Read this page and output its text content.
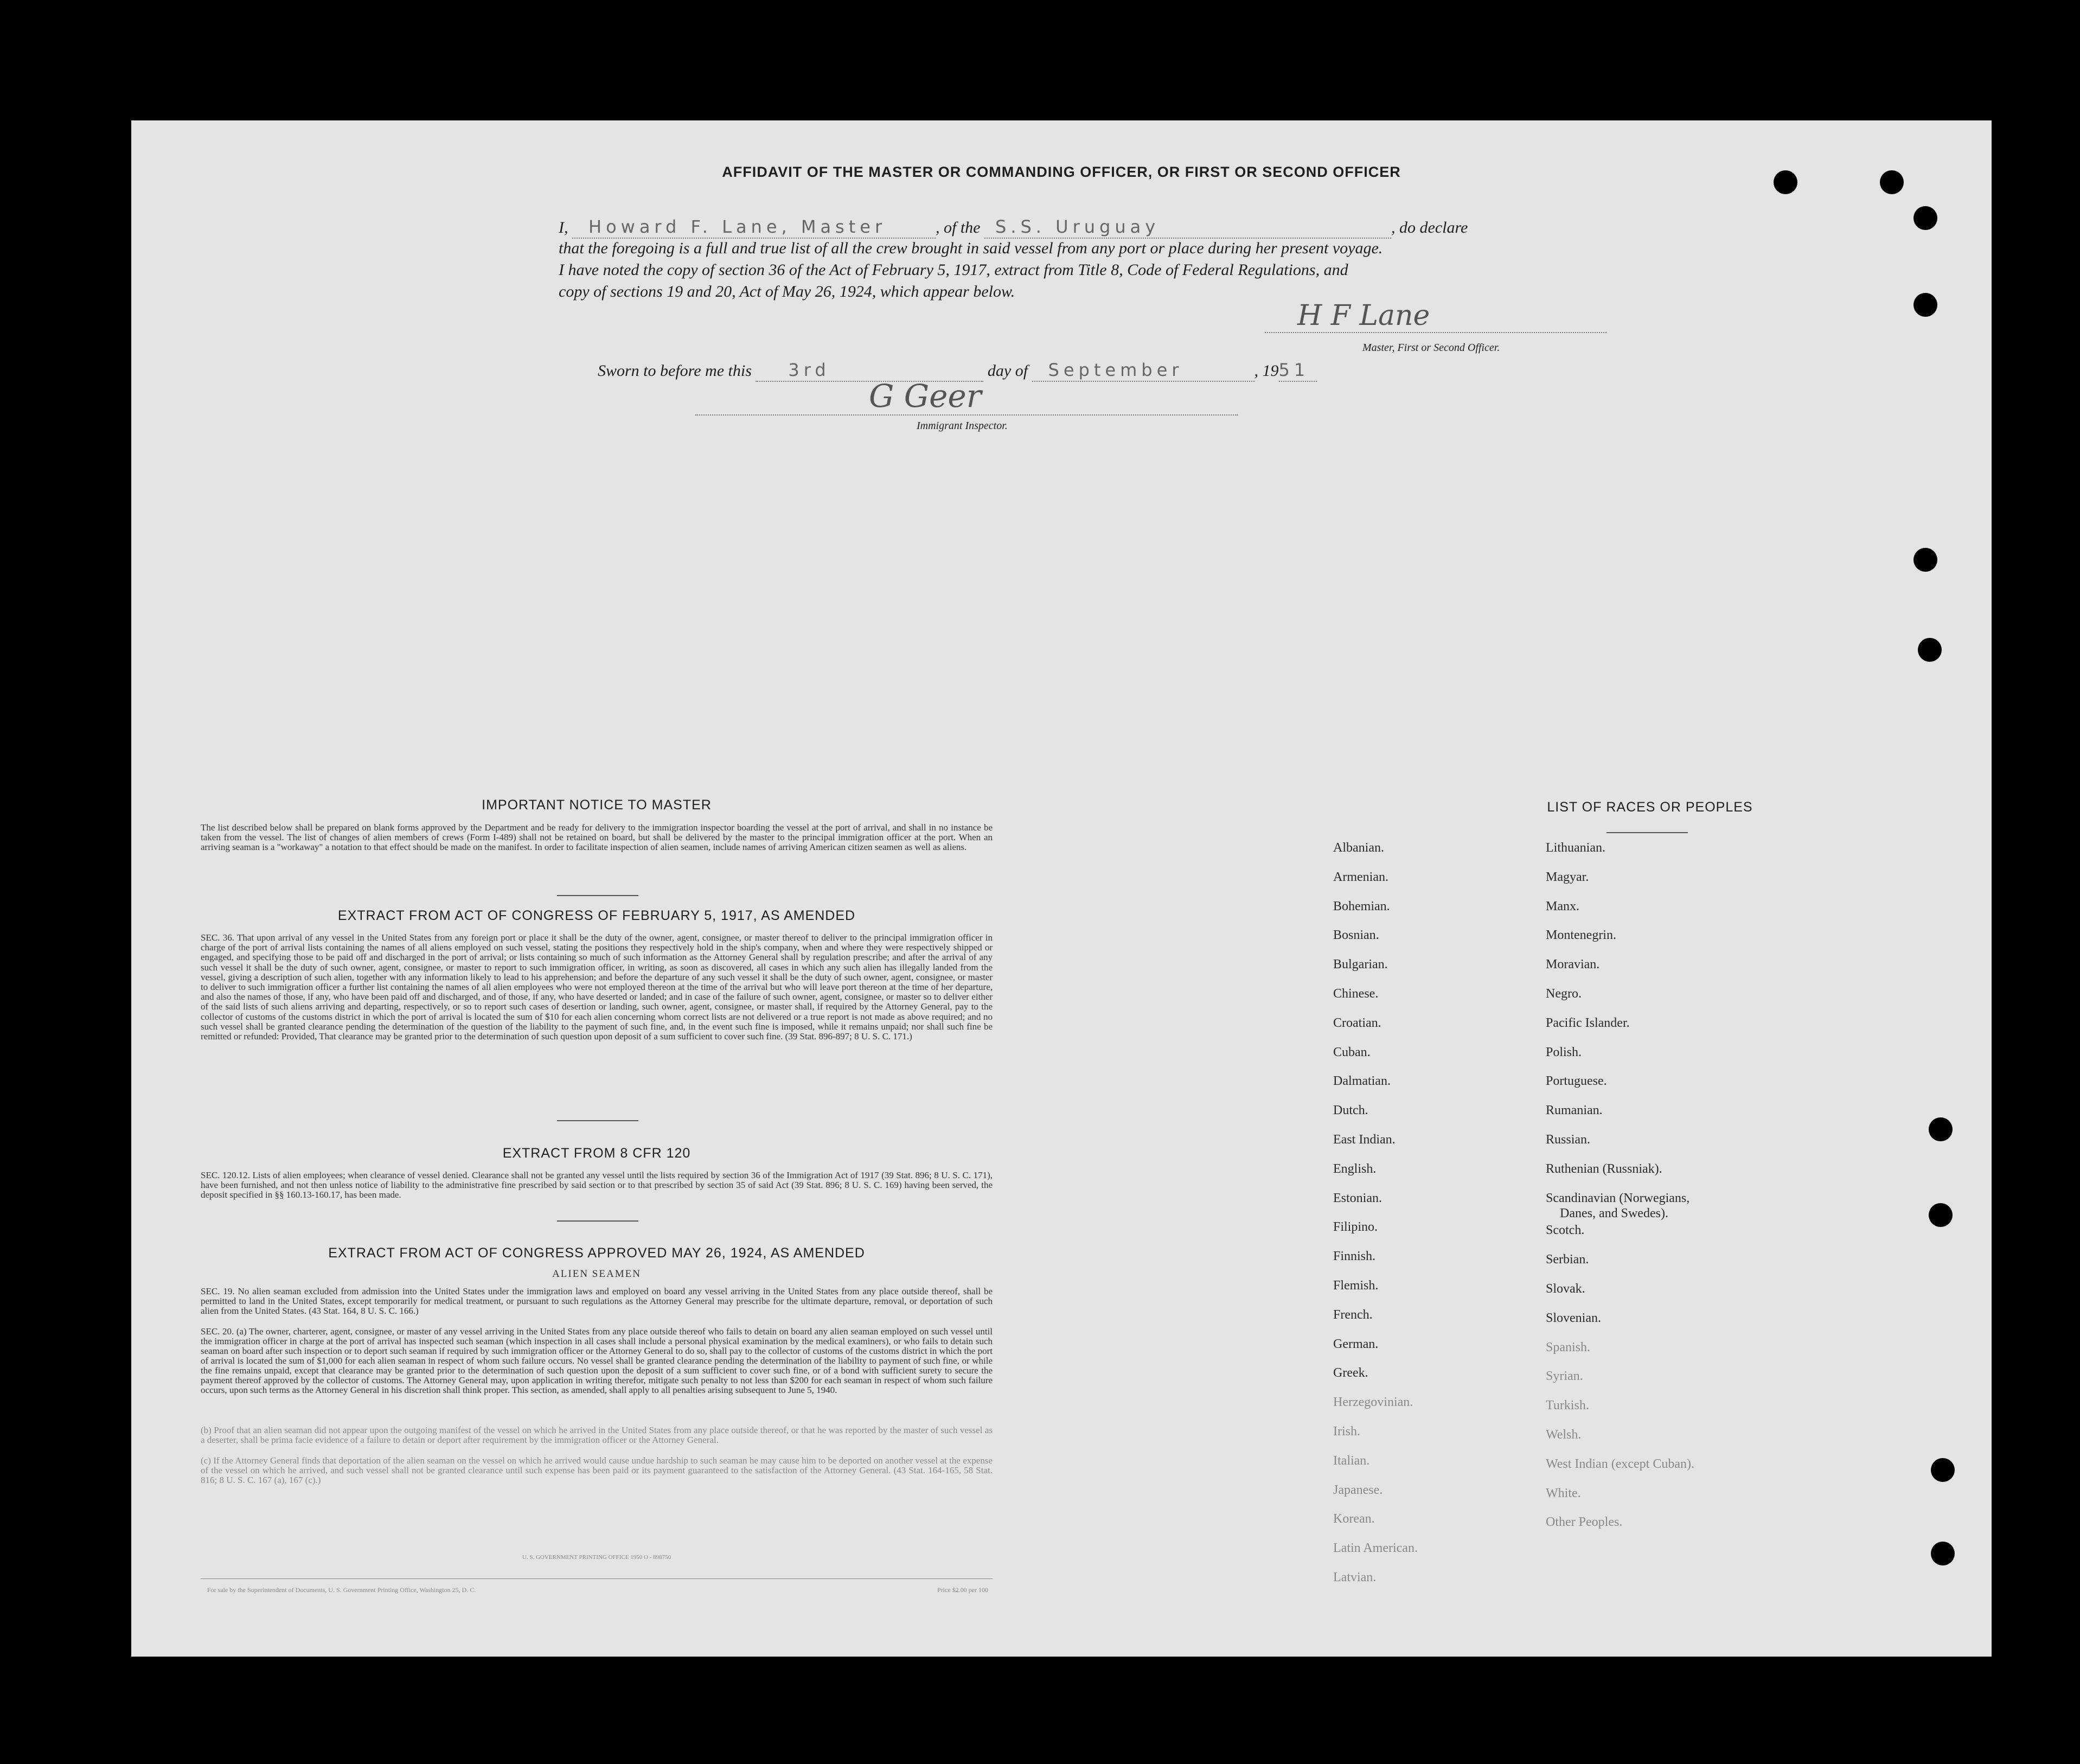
AFFIDAVIT OF THE MASTER OR COMMANDING OFFICER, OR FIRST OR SECOND OFFICER
I, Howard F. Lane, Master	, of the S.S. Uruguay	, do declare
that the foregoing is a full and true list of all the crew brought in said vessel from any port or place during her present voyage.
I have noted the copy of section 36 of the Act of February 5, 1917, extract from Title 8, Code of Federal Regulations, and
copy of sections 19 and 20, Act of May 26, 1924, which appear below.
H F Lane
Master, First or Second Officer.
Sworn to before me this 3rd	day of September	, 1951
G Geer
Immigrant Inspector.
IMPORTANT NOTICE TO MASTER
The list described below shall be prepared on blank forms approved by the Department and be ready for delivery to the immigration inspector boarding the vessel at the port of arrival, and shall in no instance be taken from the vessel. The list of changes of alien members of crews (Form I-489) shall not be retained on board, but shall be delivered by the master to the principal immigration officer at the port. When an arriving seaman is a "workaway" a notation to that effect should be made on the manifest. In order to facilitate inspection of alien seamen, include names of arriving American citizen seamen as well as aliens.
EXTRACT FROM ACT OF CONGRESS OF FEBRUARY 5, 1917, AS AMENDED
SEC. 36. That upon arrival of any vessel in the United States from any foreign port or place it shall be the duty of the owner, agent, consignee, or master thereof to deliver to the principal immigration officer in charge of the port of arrival lists containing the names of all aliens employed on such vessel, stating the positions they respectively hold in the ship's company, when and where they were respectively shipped or engaged, and specifying those to be paid off and discharged in the port of arrival; or lists containing so much of such information as the Attorney General shall by regulation prescribe; and after the arrival of any such vessel it shall be the duty of such owner, agent, consignee, or master to report to such immigration officer, in writing, as soon as discovered, all cases in which any such alien has illegally landed from the vessel, giving a description of such alien, together with any information likely to lead to his apprehension; and before the departure of any such vessel it shall be the duty of such owner, agent, consignee, or master to deliver to such immigration officer a further list containing the names of all alien employees who were not employed thereon at the time of the arrival but who will leave port thereon at the time of her departure, and also the names of those, if any, who have been paid off and discharged, and of those, if any, who have deserted or landed; and in case of the failure of such owner, agent, consignee, or master so to deliver either of the said lists of such aliens arriving and departing, respectively, or so to report such cases of desertion or landing, such owner, agent, consignee, or master shall, if required by the Attorney General, pay to the collector of customs of the customs district in which the port of arrival is located the sum of $10 for each alien concerning whom correct lists are not delivered or a true report is not made as above required; and no such vessel shall be granted clearance pending the determination of the question of the liability to the payment of such fine, and, in the event such fine is imposed, while it remains unpaid; nor shall such fine be remitted or refunded: Provided, That clearance may be granted prior to the determination of such question upon deposit of a sum sufficient to cover such fine. (39 Stat. 896-897; 8 U. S. C. 171.)
EXTRACT FROM 8 CFR 120
SEC. 120.12. Lists of alien employees; when clearance of vessel denied. Clearance shall not be granted any vessel until the lists required by section 36 of the Immigration Act of 1917 (39 Stat. 896; 8 U. S. C. 171), have been furnished, and not then unless notice of liability to the administrative fine prescribed by said section or to that prescribed by section 35 of said Act (39 Stat. 896; 8 U. S. C. 169) having been served, the deposit specified in §§ 160.13-160.17, has been made.
EXTRACT FROM ACT OF CONGRESS APPROVED MAY 26, 1924, AS AMENDED
ALIEN SEAMEN
SEC. 19. No alien seaman excluded from admission into the United States under the immigration laws and employed on board any vessel arriving in the United States from any place outside thereof, shall be permitted to land in the United States, except temporarily for medical treatment, or pursuant to such regulations as the Attorney General may prescribe for the ultimate departure, removal, or deportation of such alien from the United States. (43 Stat. 164, 8 U. S. C. 166.)
SEC. 20. (a) The owner, charterer, agent, consignee, or master of any vessel arriving in the United States from any place outside thereof who fails to detain on board any alien seaman employed on such vessel until the immigration officer in charge at the port of arrival has inspected such seaman (which inspection in all cases shall include a personal physical examination by the medical examiners), or who fails to detain such seaman on board after such inspection or to deport such seaman if required by such immigration officer or the Attorney General to do so, shall pay to the collector of customs of the customs district in which the port of arrival is located the sum of $1,000 for each alien seaman in respect of whom such failure occurs. No vessel shall be granted clearance pending the determination of the liability to payment of such fine, or while the fine remains unpaid, except that clearance may be granted prior to the determination of such question upon the deposit of a sum sufficient to cover such fine, or of a bond with sufficient surety to secure the payment thereof approved by the collector of customs. The Attorney General may, upon application in writing therefor, mitigate such penalty to not less than $200 for each seaman in respect of whom such failure occurs, upon such terms as the Attorney General in his discretion shall think proper. This section, as amended, shall apply to all penalties arising subsequent to June 5, 1940.
(b) Proof that an alien seaman did not appear upon the outgoing manifest of the vessel on which he arrived in the United States from any place outside thereof, or that he was reported by the master of such vessel as a deserter, shall be prima facie evidence of a failure to detain or deport after requirement by the immigration officer or the Attorney General.
(c) If the Attorney General finds that deportation of the alien seaman on the vessel on which he arrived would cause undue hardship to such seaman he may cause him to be deported on another vessel at the expense of the vessel on which he arrived, and such vessel shall not be granted clearance until such expense has been paid or its payment guaranteed to the satisfaction of the Attorney General. (43 Stat. 164-165, 58 Stat. 816; 8 U. S. C. 167 (a), 167 (c).)
U. S. GOVERNMENT PRINTING OFFICE 1950 O - 898750
For sale by the Superintendent of Documents, U. S. Government Printing Office, Washington 25, D. C.	Price $2.00 per 100
LIST OF RACES OR PEOPLES
Albanian.
Armenian.
Bohemian.
Bosnian.
Bulgarian.
Chinese.
Croatian.
Cuban.
Dalmatian.
Dutch.
East Indian.
English.
Estonian.
Filipino.
Finnish.
Flemish.
French.
German.
Greek.
Herzegovinian.
Irish.
Italian.
Japanese.
Korean.
Latin American.
Latvian.
Lithuanian.
Magyar.
Manx.
Montenegrin.
Moravian.
Negro.
Pacific Islander.
Polish.
Portuguese.
Rumanian.
Russian.
Ruthenian (Russniak).
Scandinavian (Norwegians,
Danes, and Swedes).
Scotch.
Serbian.
Slovak.
Slovenian.
Spanish.
Syrian.
Turkish.
Welsh.
West Indian (except Cuban).
White.
Other Peoples.
